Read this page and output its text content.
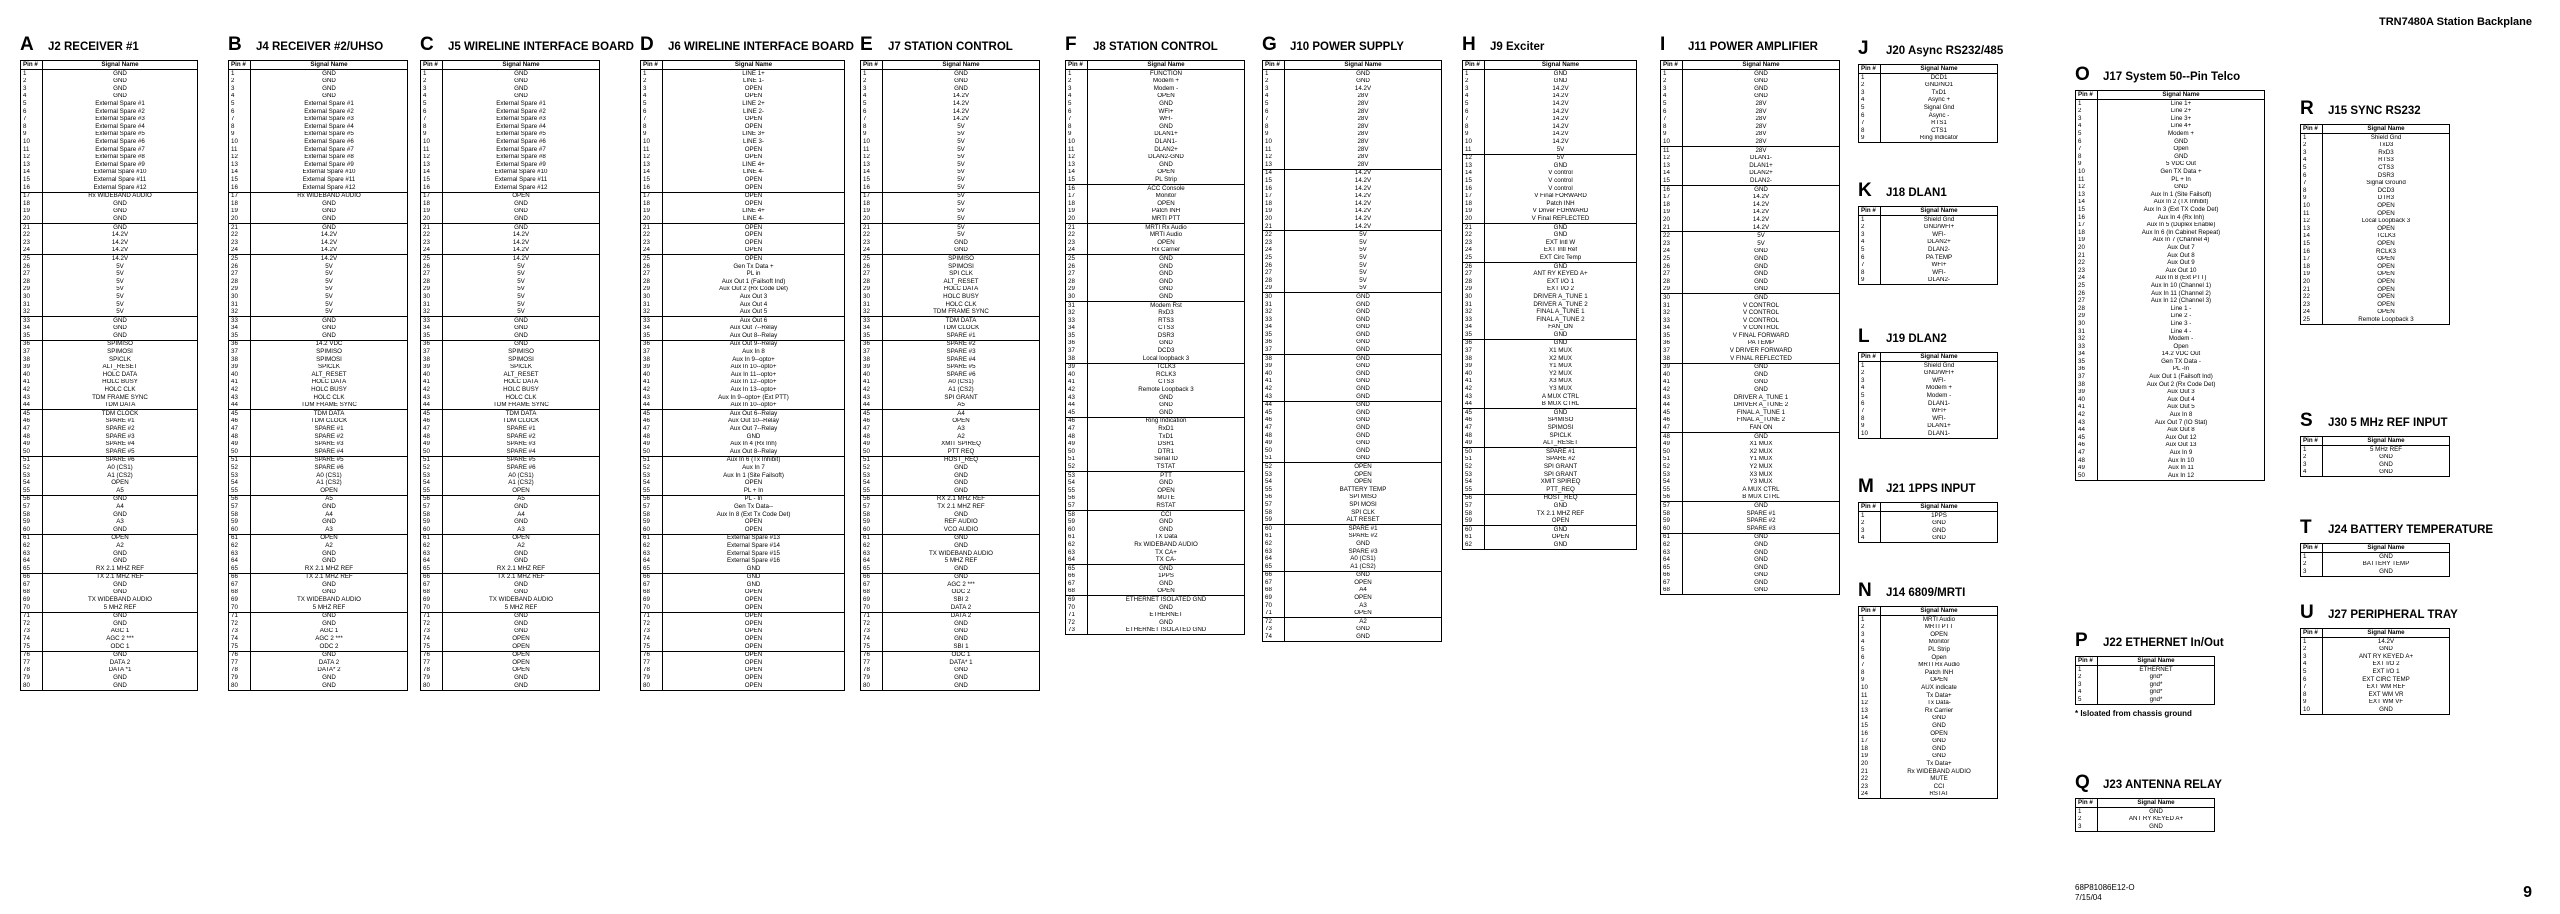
TRN7480A Station Backplane
A	J2 RECEIVER #1
Pin #	Signal Name
1	GND
2	GND
3	GND
4	GND
5	External Spare #1
6	External Spare #2
7	External Spare #3
8	External Spare #4
9	External Spare #5
10	External Spare #6
11	External Spare #7
12	External Spare #8
13	External Spare #9
14	External Spare #10
15	External Spare #11
16	External Spare #12
17	Rx WIDEBAND AUDIO
18	GND
19	GND
20	GND
21	GND
22	14.2V
23	14.2V
24	14.2V
25	14.2V
26	5V
27	5V
28	5V
29	5V
30	5V
31	5V
32	5V
33	GND
34	GND
35	GND
36	SPIMISO
37	SPIMOSI
38	SPICLK
39	ALT_RESET
40	HOLC DATA
41	HOLC BUSY
42	HOLC CLK
43	TDM FRAME SYNC
44	TDM DATA
45	TDM CLOCK
46	SPARE #1
47	SPARE #2
48	SPARE #3
49	SPARE #4
50	SPARE #5
51	SPARE #6
52	A0 (CS1)
53	A1 (CS2)
54	OPEN
55	A5
56	GND
57	A4
58	GND
59	A3
60	GND
61	OPEN
62	A2
63	GND
64	GND
65	RX 2.1 MHZ REF
66	TX 2.1 MHZ REF
67	GND
68	GND
69	TX WIDEBAND AUDIO
70	5 MHZ REF
71	GND
72	GND
73	AGC 1
74	AGC 2 ***
75	ODC 1
76	GND
77	DATA 2
78	DATA *1
79	GND
80	GND
B	J4 RECEIVER #2/UHSO
Pin #	Signal Name
1	GND
2	GND
3	GND
4	GND
5	External Spare #1
6	External Spare #2
7	External Spare #3
8	External Spare #4
9	External Spare #5
10	External Spare #6
11	External Spare #7
12	External Spare #8
13	External Spare #9
14	External Spare #10
15	External Spare #11
16	External Spare #12
17	Rx WIDEBAND AUDIO
18	GND
19	GND
20	GND
21	GND
22	14.2V
23	14.2V
24	14.2V
25	14.2V
26	5V
27	5V
28	5V
29	5V
30	5V
31	5V
32	5V
33	GND
34	GND
35	GND
36	14.2 VDC
37	SPIMISO
38	SPIMOSI
39	SPICLK
40	ALT_RESET
41	HOLC DATA
42	HOLC BUSY
43	HOLC CLK
44	TDM FRAME SYNC
45	TDM DATA
46	TDM CLOCK
47	SPARE #1
48	SPARE #2
49	SPARE #3
50	SPARE #4
51	SPARE #5
52	SPARE #6
53	A0 (CS1)
54	A1 (CS2)
55	OPEN
56	A5
57	GND
58	A4
59	GND
60	A3
61	OPEN
62	A2
63	GND
64	GND
65	RX 2.1 MHZ REF
66	TX 2.1 MHZ REF
67	GND
68	GND
69	TX WIDEBAND AUDIO
70	5 MHZ REF
71	GND
72	GND
73	AGC 1
74	AGC 2 ***
75	ODC 2
76	GND
77	DATA 2
78	DATA* 2
79	GND
80	GND
C	J5 WIRELINE INTERFACE BOARD
Pin #	Signal Name
1	GND
2	GND
3	GND
4	GND
5	External Spare #1
6	External Spare #2
7	External Spare #3
8	External Spare #4
9	External Spare #5
10	External Spare #6
11	External Spare #7
12	External Spare #8
13	External Spare #9
14	External Spare #10
15	External Spare #11
16	External Spare #12
17	OPEN
18	GND
19	GND
20	GND
21	GND
22	14.2V
23	14.2V
24	14.2V
25	14.2V
26	5V
27	5V
28	5V
29	5V
30	5V
31	5V
32	5V
33	GND
34	GND
35	GND
36	GND
37	SPIMISO
38	SPIMOSI
39	SPICLK
40	ALT_RESET
41	HOLC DATA
42	HOLC BUSY
43	HOLC CLK
44	TDM FRAME SYNC
45	TDM DATA
46	TDM CLOCK
47	SPARE #1
48	SPARE #2
49	SPARE #3
50	SPARE #4
51	SPARE #5
52	SPARE #6
53	A0 (CS1)
54	A1 (CS2)
55	OPEN
56	A5
57	GND
58	A4
59	GND
60	A3
61	OPEN
62	A2
63	GND
64	GND
65	RX 2.1 MHZ REF
66	TX 2.1 MHZ REF
67	GND
68	GND
69	TX WIDEBAND AUDIO
70	5 MHZ REF
71	GND
72	GND
73	GND
74	OPEN
75	OPEN
76	OPEN
77	OPEN
78	OPEN
79	GND
80	GND
D	J6 WIRELINE INTERFACE BOARD
Pin #	Signal Name
1	LINE 1+
2	LINE 1-
3	OPEN
4	OPEN
5	LINE 2+
6	LINE 2-
7	OPEN
8	OPEN
9	LINE 3+
10	LINE 3-
11	OPEN
12	OPEN
13	LINE 4+
14	LINE 4-
15	OPEN
16	OPEN
17	OPEN
18	OPEN
19	LINE 4+
20	LINE 4-
21	OPEN
22	OPEN
23	OPEN
24	OPEN
25	OPEN
26	Gen Tx Data +
27	PL in
28	Aux Out 1 (Failsoft Ind)
29	Aux Out 2 (Rx Code Det)
30	Aux Out 3
31	Aux Out 4
32	Aux Out 5
33	Aux Out 6
34	Aux Out 7--Relay
35	Aux Out 8--Relay
36	Aux Out 9--Relay
37	Aux In 8
38	Aux In 9--opto+
39	Aux In 10--opto+
40	Aux In 11--opto+
41	Aux In 12--opto+
42	Aux In 13--opto+
43	Aux In 9--opto+ (Ext PTT)
44	Aux In 10--opto+
45	Aux Out 6--Relay
46	Aux Out 10--Relay
47	Aux Out 7--Relay
48	GND
49	Aux In 4 (Rx Inh)
50	Aux Out 8--Relay
51	Aux In 6 (Tx Inhibit)
52	Aux In 7
53	Aux In 1 (Site Failsoft)
54	OPEN
55	PL + In
56	PL - In
57	Gen Tx Data--
58	Aux In 8 (Ext Tx Code Det)
59	OPEN
60	OPEN
61	External Spare #13
62	External Spare #14
63	External Spare #15
64	External Spare #16
65	GND
66	GND
67	GND
68	OPEN
69	OPEN
70	OPEN
71	OPEN
72	OPEN
73	OPEN
74	OPEN
75	OPEN
76	OPEN
77	OPEN
78	OPEN
79	OPEN
80	OPEN
E	J7 STATION CONTROL
Pin #	Signal Name
1	GND
2	GND
3	GND
4	14.2V
5	14.2V
6	14.2V
7	14.2V
8	5V
9	5V
10	5V
11	5V
12	5V
13	5V
14	5V
15	5V
16	5V
17	5V
18	5V
19	5V
20	5V
21	5V
22	5V
23	GND
24	GND
25	SPIMISO
26	SPIMOSI
27	SPI CLK
28	ALT_RESET
29	HOLC DATA
30	HOLC BUSY
31	HOLC CLK
32	TDM FRAME SYNC
33	TDM DATA
34	TDM CLOCK
35	SPARE #1
36	SPARE #2
37	SPARE #3
38	SPARE #4
39	SPARE #5
40	SPARE #6
41	A0 (CS1)
42	A1 (CS2)
43	SPI GRANT
44	A5
45	A4
46	OPEN
47	A3
48	A2
49	XMIT SPIREQ
50	PTT REQ
51	HOST_REQ
52	GND
53	GND
54	GND
55	GND
56	RX 2.1 MHZ REF
57	TX 2.1 MHZ REF
58	GND
59	REF AUDIO
60	VCO AUDIO
61	GND
62	GND
63	TX WIDEBAND AUDIO
64	5 MHZ REF
65	GND
66	GND
67	AGC 2 ***
68	ODC 2
69	SBI 2
70	DATA 2
71	DATA 2
72	GND
73	GND
74	GND
75	SBI 1
76	ODC 1
77	DATA* 1
78	GND
79	GND
80	GND
F	J8 STATION CONTROL
Pin #	Signal Name
1	FUNCTION
2	Modem +
3	Modem -
4	OPEN
5	GND
6	WFI+
7	WFI-
8	GND
9	DLAN1+
10	DLAN1-
11	DLAN2+
12	DLAN2-GND
13	GND
14	OPEN
15	PL Strip
16	ACC Console
17	Monitor
18	OPEN
19	Patch INH
20	MRTI PTT
21	MRTI Rx Audio
22	MRTI Audio
23	OPEN
24	Rx Carrier
25	GND
26	GND
27	GND
28	GND
29	GND
30	GND
31	Modem Rst
32	RxD3
33	RTS3
34	CTS3
35	DSR3
36	GND
37	DCD3
38	Local loopback 3
39	TCLK3
40	RCLK3
41	CTS3
42	Remote Loopback 3
43	GND
44	GND
45	GND
46	Ring Indication
47	RxD1
48	TxD1
49	DSR1
50	DTR1
51	Serial ID
52	TSTAT
53	PTT
54	GND
55	OPEN
56	MUTE
57	RSTAT
58	CCI
59	GND
60	GND
61	TX Data
62	Rx WIDEBAND AUDIO
63	TX CA+
64	TX CA-
65	GND
66	1PPS
67	GND
68	OPEN
69	ETHERNET ISOLATED GND
70	GND
71	ETHERNET
72	GND
73	ETHERNET ISOLATED GND
G	J10 POWER SUPPLY
Pin #	Signal Name
1	GND
2	GND
3	14.2V
4	28V
5	28V
6	28V
7	28V
8	28V
9	28V
10	28V
11	28V
12	28V
13	28V
14	14.2V
15	14.2V
16	14.2V
17	14.2V
18	14.2V
19	14.2V
20	14.2V
21	14.2V
22	5V
23	5V
24	5V
25	5V
26	5V
27	5V
28	5V
29	5V
30	GND
31	GND
32	GND
33	GND
34	GND
35	GND
36	GND
37	GND
38	GND
39	GND
40	GND
41	GND
42	GND
43	GND
44	GND
45	GND
46	GND
47	GND
48	GND
49	GND
50	GND
51	GND
52	OPEN
53	OPEN
54	OPEN
55	BATTERY TEMP
56	SPI MISO
57	SPI MOSI
58	SPI CLK
59	ALT RESET
60	SPARE #1
61	SPARE #2
62	GND
63	SPARE #3
64	A0 (CS1)
65	A1 (CS2)
66	GND
67	OPEN
68	A4
69	OPEN
70	A3
71	OPEN
72	A2
73	GND
74	GND
H	J9 Exciter
Pin #	Signal Name
1	GND
2	GND
3	14.2V
4	14.2V
5	14.2V
6	14.2V
7	14.2V
8	14.2V
9	14.2V
10	14.2V
11	5V
12	5V
13	GND
14	V control
15	V control
16	V control
17	V Final FORWARD
18	Patch INH
19	V Driver FORWARD
20	V Final REFLECTED
21	GND
22	GND
23	EXT Intl W
24	EXT Intl Ref
25	EXT Circ Temp
26	GND
27	ANT RY KEYED A+
28	EXT I/O 1
29	EXT I/O 2
30	DRIVER A_TUNE 1
31	DRIVER A_TUNE 2
32	FINAL A_TUNE 1
33	FINAL A_TUNE 2
34	FAN_ON
35	GND
36	GND
37	X1 MUX
38	X2 MUX
39	Y1 MUX
40	Y2 MUX
41	X3 MUX
42	Y3 MUX
43	A MUX CTRL
44	B MUX CTRL
45	GND
46	SPIMISO
47	SPIMOSI
48	SPICLK
49	ALT_RESET
50	SPARE #1
51	SPARE #2
52	SPI GRANT
53	SPI GRANT
54	XMIT SPIREQ
55	PTT_REQ
56	HOST_REQ
57	GND
58	TX 2.1 MHZ REF
59	OPEN
60	GND
61	OPEN
62	GND
I	J11 POWER AMPLIFIER
Pin #	Signal Name
1	GND
2	GND
3	GND
4	GND
5	28V
6	28V
7	28V
8	28V
9	28V
10	28V
11	28V
12	DLAN1-
13	DLAN1+
14	DLAN2+
15	DLAN2-
16	GND
17	14.2V
18	14.2V
19	14.2V
20	14.2V
21	14.2V
22	5V
23	5V
24	GND
25	GND
26	GND
27	GND
28	GND
29	GND
30	GND
31	V CONTROL
32	V CONTROL
33	V CONTROL
34	V CONTROL
35	V FINAL FORWARD
36	PA TEMP
37	V DRIVER FORWARD
38	V FINAL REFLECTED
39	GND
40	GND
41	GND
42	GND
43	DRIVER A_TUNE 1
44	DRIVER A_TUNE 2
45	FINAL A_TUNE 1
46	FINAL A_TUNE 2
47	FAN ON
48	GND
49	X1 MUX
50	X2 MUX
51	Y1 MUX
52	Y2 MUX
53	X3 MUX
54	Y3 MUX
55	A MUX CTRL
56	B MUX CTRL
57	GND
58	SPARE #1
59	SPARE #2
60	SPARE #3
61	GND
62	GND
63	GND
64	GND
65	GND
66	GND
67	GND
68	GND
J	J20 Async RS232/485
Pin #	Signal Name
1	DCD1
2	GND/NO1
3	TxD1
4	Async +
5	Signal Gnd
6	Async -
7	RTS1
8	CTS1
9	Ring Indicator
K	J18 DLAN1
Pin #	Signal Name
1	Shield Gnd
2	GND/WFI+
3	WFI-
4	DLAN2+
5	DLAN2-
6	PA TEMP
7	WFI+
8	WFI-
9	DLAN2-
L	J19 DLAN2
Pin #	Signal Name
1	Shield Gnd
2	GND/WFI+
3	WFI-
4	Modem +
5	Modem -
6	DLAN1-
7	WFI+
8	WFI-
9	DLAN1+
10	DLAN1-
M	J21 1PPS INPUT
Pin #	Signal Name
1	1PPS
2	GND
3	GND
4	GND
N	J14 6809/MRTI
Pin #	Signal Name
1	MRTI Audio
2	MRTI PTT
3	OPEN
4	Monitor
5	PL Strip
6	Open
7	MRTI Rx Audio
8	Patch INH
9	OPEN
10	AUX indicate
11	Tx Data+
12	Tx Data-
13	Rx Carrier
14	GND
15	GND
16	OPEN
17	GND
18	GND
19	GND
20	Tx Data+
21	Rx WIDEBAND AUDIO
22	MUTE
23	CCI
24	RSTAT
O	J17 System 50--Pin Telco
Pin #	Signal Name
1	Line 1+
2	Line 2+
3	Line 3+
4	Line 4+
5	Modem +
6	GND
7	Open
8	GND
9	5 VDC Out
10	Gen TX Data +
11	PL + In
12	GND
13	Aux In 1 (Site Failsoft)
14	Aux In 2 (TX Inhibit)
15	Aux In 3 (Ext TX Code Det)
16	Aux In 4 (Rx Inh)
17	Aux In 5 (Duplex Enable)
18	Aux In 6 (In Cabinet Repeat)
19	Aux In 7 (Channel 4)
20	Aux Out 7
21	Aux Out 8
22	Aux Out 9
23	Aux Out 10
24	Aux In 8 (Ext PTT)
25	Aux In 10 (Channel 1)
26	Aux In 11 (Channel 2)
27	Aux In 12 (Channel 3)
28	Line 1 -
29	Line 2 -
30	Line 3 -
31	Line 4 -
32	Modem -
33	Open
34	14.2 VDC Out
35	Gen TX Data -
36	PL -In
37	Aux Out 1 (Failsoft Ind)
38	Aux Out 2 (Rx Code Det)
39	Aux Out 3
40	Aux Out 4
41	Aux Out 5
42	Aux In 8
43	Aux Out 7 (IO Stat)
44	Aux Out 8
45	Aux Out 12
46	Aux Out 13
47	Aux In 9
48	Aux In 10
49	Aux In 11
50	Aux In 12
P	J22 ETHERNET In/Out
Pin #	Signal Name
1	ETHERNET
2	gnd*
3	gnd*
4	gnd*
5	gnd*
* Isloated from chassis ground
Q	J23 ANTENNA RELAY
Pin #	Signal Name
1	GND
2	ANT RY KEYED A+
3	GND
R	J15 SYNC RS232
Pin #	Signal Name
1	Shield Gnd
2	TxD3
3	RxD3
4	RTS3
5	CTS3
6	DSR3
7	Signal Ground
8	DCD3
9	DTR3
10	OPEN
11	OPEN
12	Local Loopback 3
13	OPEN
14	TCLK3
15	OPEN
16	RCLK3
17	OPEN
18	OPEN
19	OPEN
20	OPEN
21	OPEN
22	OPEN
23	OPEN
24	OPEN
25	Remote Loopback 3
S	J30 5 MHz REF INPUT
Pin #	Signal Name
1	5 MHz REF
2	GND
3	GND
4	GND
T	J24 BATTERY TEMPERATURE
Pin #	Signal Name
1	GND
2	BATTERY TEMP
3	GND
U	J27 PERIPHERAL TRAY
Pin #	Signal Name
1	14.2V
2	GND
3	ANT RY KEYED A+
4	EXT I/O 2
5	EXT I/O 1
6	EXT CIRC TEMP
7	EXT WM REF
8	EXT WM VR
9	EXT WM VF
10	GND
68P81086E12-O
7/15/04	9
